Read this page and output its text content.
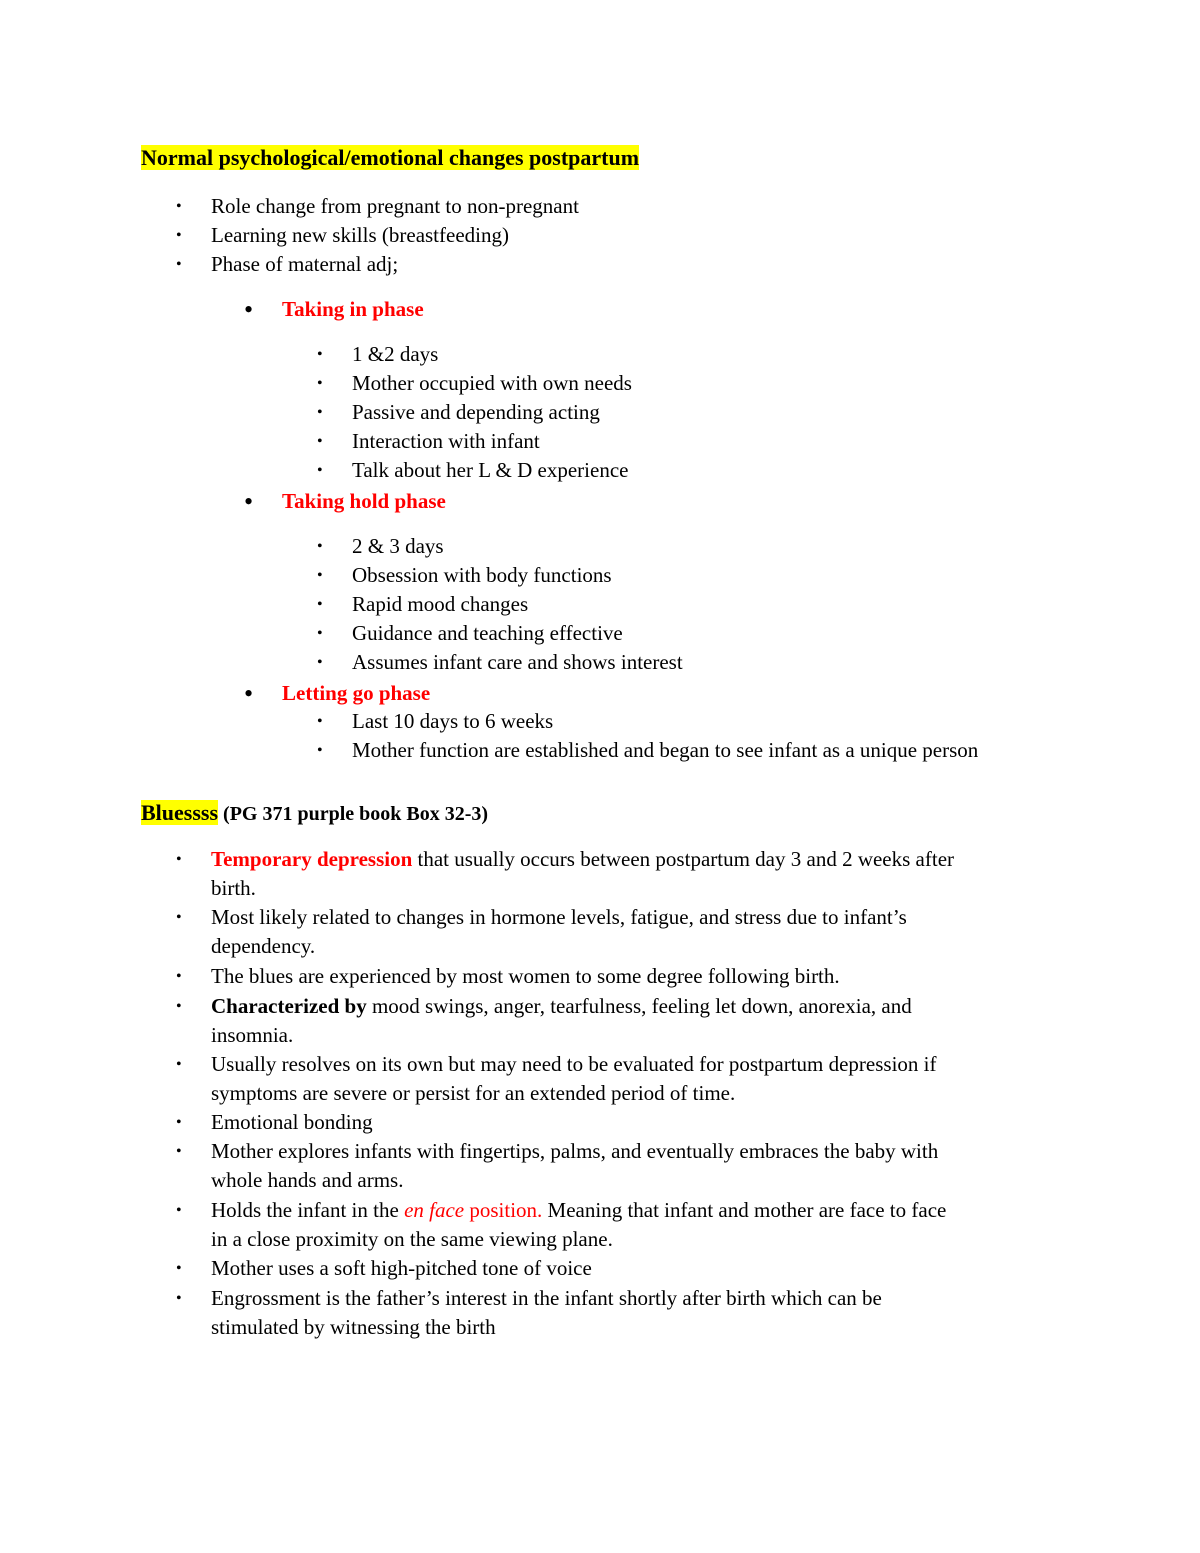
Normal psychological/emotional changes postpartum
• Role change from pregnant to non-pregnant
• Learning new skills (breastfeeding)
• Phase of maternal adj;
• Taking in phase
• 1 &2 days
• Mother occupied with own needs
• Passive and depending acting
• Interaction with infant
• Talk about her L & D experience
• Taking hold phase
• 2 & 3 days
• Obsession with body functions
• Rapid mood changes
• Guidance and teaching effective
• Assumes infant care and shows interest
• Letting go phase
• Last 10 days to 6 weeks
• Mother function are established and began to see infant as a unique person
Bluessss (PG 371 purple book Box 32-3)
• Temporary depression that usually occurs between postpartum day 3 and 2 weeks after
birth.
• Most likely related to changes in hormone levels, fatigue, and stress due to infant’s
dependency.
• The blues are experienced by most women to some degree following birth.
• Characterized by mood swings, anger, tearfulness, feeling let down, anorexia, and
insomnia.
• Usually resolves on its own but may need to be evaluated for postpartum depression if
symptoms are severe or persist for an extended period of time.
• Emotional bonding
• Mother explores infants with fingertips, palms, and eventually embraces the baby with
whole hands and arms.
• Holds the infant in the en face position. Meaning that infant and mother are face to face
in a close proximity on the same viewing plane.
• Mother uses a soft high-pitched tone of voice
• Engrossment is the father’s interest in the infant shortly after birth which can be
stimulated by witnessing the birth
